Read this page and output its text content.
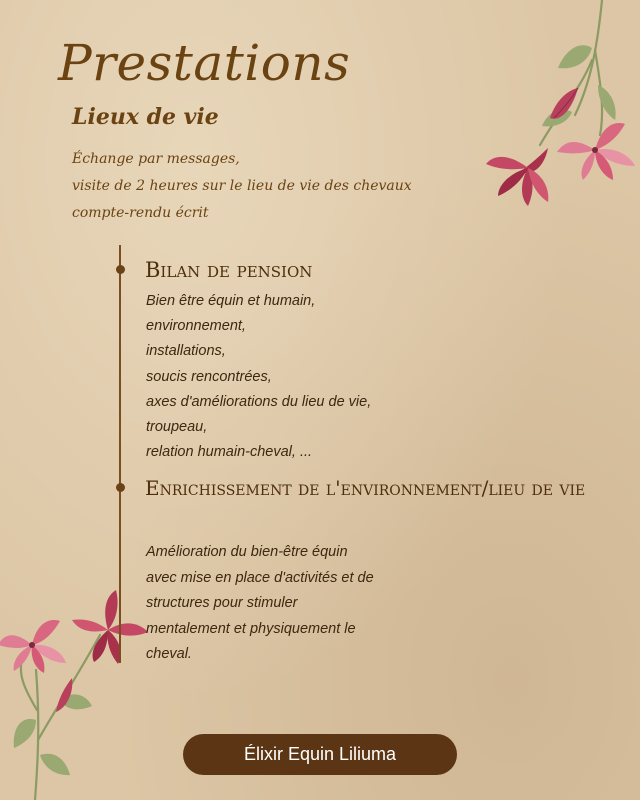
Prestations
Lieux de vie
Échange par messages,
visite de 2 heures sur le lieu de vie des chevaux
compte-rendu écrit
Bilan de pension
Bien être équin et humain,
environnement,
installations,
soucis rencontrées,
axes d'améliorations du lieu de vie,
troupeau,
relation humain-cheval, ...
Enrichissement de l'environnement/lieu de vie
Amélioration du bien-être équin
avec mise en place d'activités et de
structures pour stimuler
mentalement et physiquement le
cheval.
Élixir Equin Liliuma
